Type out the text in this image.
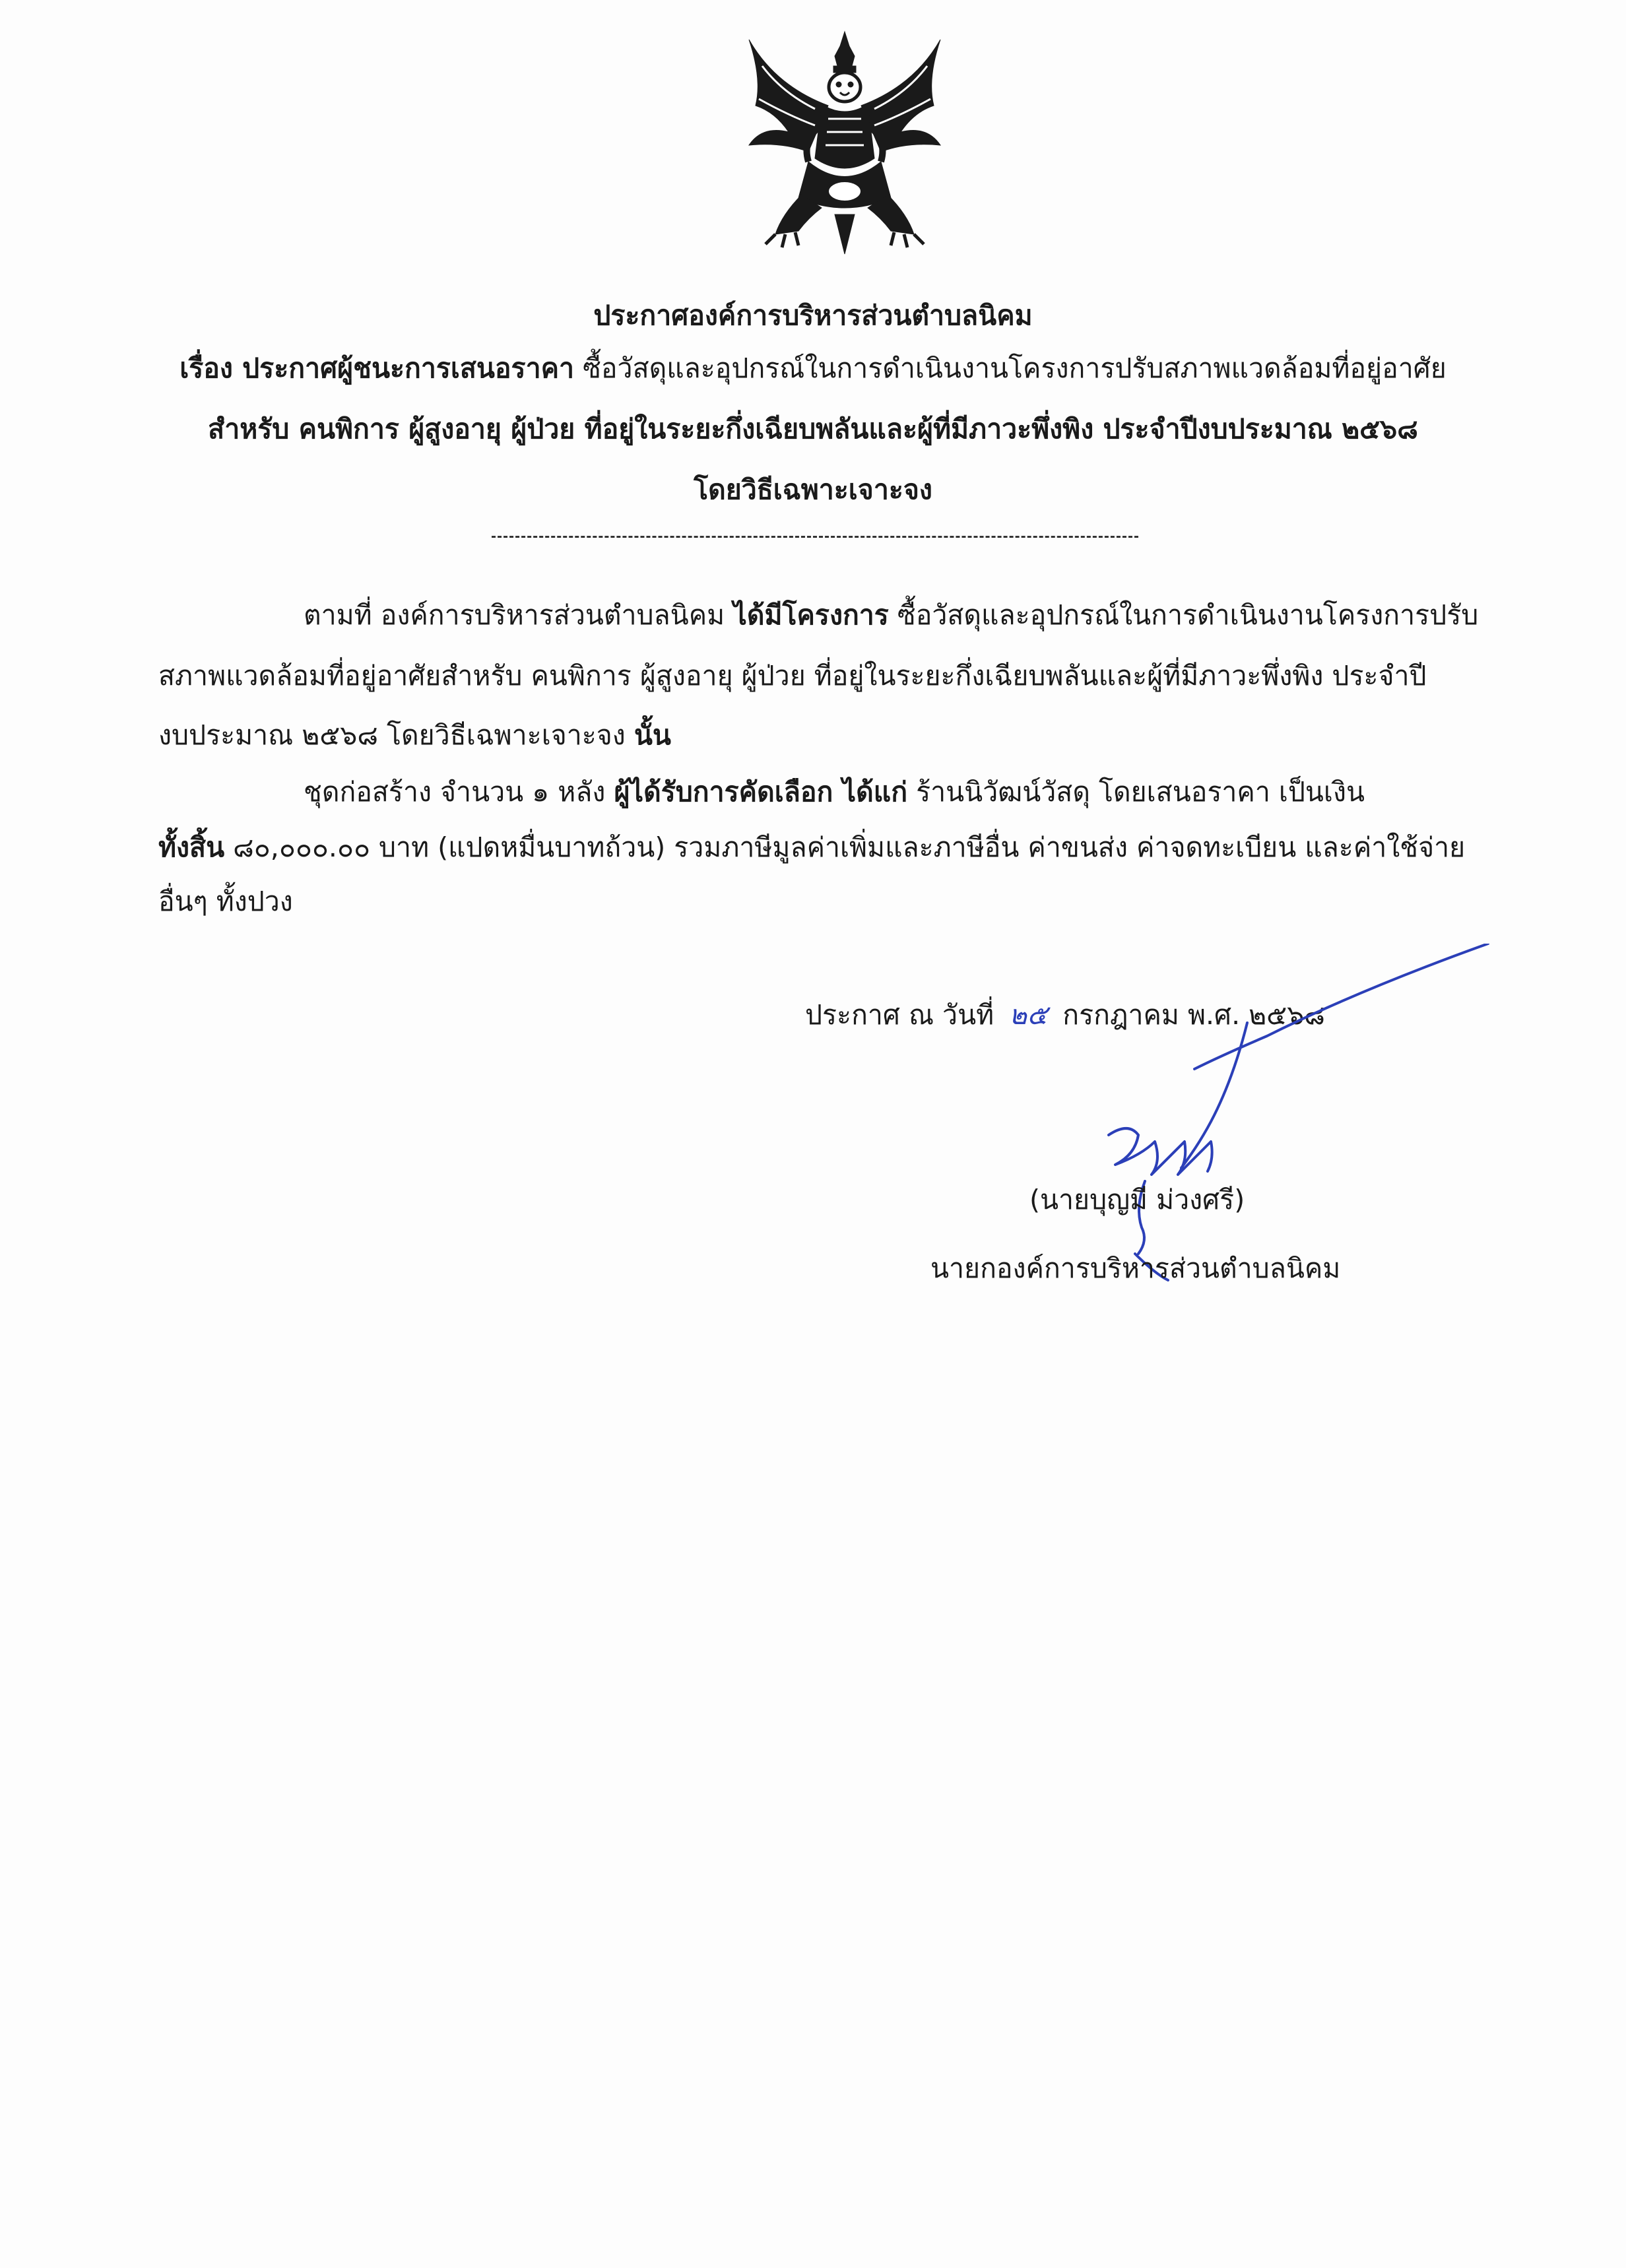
ประกาศองค์การบริหารส่วนตำบลนิคม
เรื่อง ประกาศผู้ชนะการเสนอราคา ซื้อวัสดุและอุปกรณ์ในการดำเนินงานโครงการปรับสภาพแวดล้อมที่อยู่อาศัย
สำหรับ คนพิการ ผู้สูงอายุ ผู้ป่วย ที่อยู่ในระยะกึ่งเฉียบพลันและผู้ที่มีภาวะพึ่งพิง ประจำปีงบประมาณ ๒๕๖๘
โดยวิธีเฉพาะเจาะจง
ตามที่ องค์การบริหารส่วนตำบลนิคม ได้มีโครงการ ซื้อวัสดุและอุปกรณ์ในการดำเนินงานโครงการปรับ
สภาพแวดล้อมที่อยู่อาศัยสำหรับ คนพิการ ผู้สูงอายุ ผู้ป่วย ที่อยู่ในระยะกึ่งเฉียบพลันและผู้ที่มีภาวะพึ่งพิง ประจำปี
งบประมาณ ๒๕๖๘ โดยวิธีเฉพาะเจาะจง นั้น
ชุดก่อสร้าง จำนวน ๑ หลัง ผู้ได้รับการคัดเลือก ได้แก่ ร้านนิวัฒน์วัสดุ โดยเสนอราคา เป็นเงิน
ทั้งสิ้น ๘๐,๐๐๐.๐๐ บาท (แปดหมื่นบาทถ้วน) รวมภาษีมูลค่าเพิ่มและภาษีอื่น ค่าขนส่ง ค่าจดทะเบียน และค่าใช้จ่าย
อื่นๆ ทั้งปวง
ประกาศ ณ วันที่ ๒๕ กรกฎาคม พ.ศ. ๒๕๖๘
(นายบุญมี ม่วงศรี)
นายกองค์การบริหารส่วนตำบลนิคม
